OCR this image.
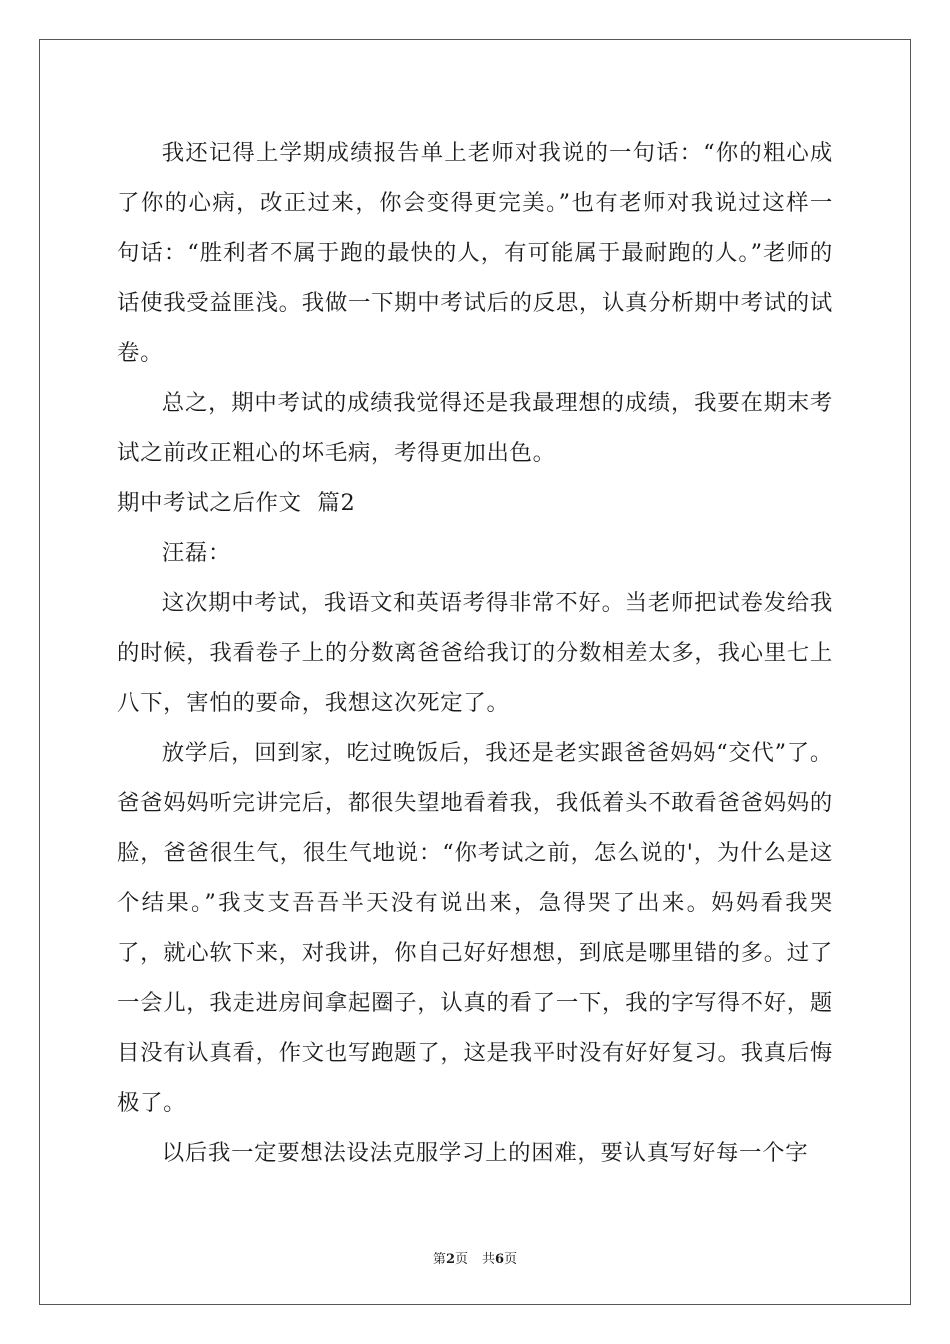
我还记得上学期成绩报告单上老师对我说的一句话：“你的粗心成了你的心病，改正过来，你会变得更完美。”也有老师对我说过这样一句话：“胜利者不属于跑的最快的人，有可能属于最耐跑的人。”老师的话使我受益匪浅。我做一下期中考试后的反思，认真分析期中考试的试卷。

总之，期中考试的成绩我觉得还是我最理想的成绩，我要在期末考试之前改正粗心的坏毛病，考得更加出色。

期中考试之后作文  篇2

汪磊：

这次期中考试，我语文和英语考得非常不好。当老师把试卷发给我的时候，我看卷子上的分数离爸爸给我订的分数相差太多，我心里七上八下，害怕的要命，我想这次死定了。

放学后，回到家，吃过晚饭后，我还是老实跟爸爸妈妈“交代”了。爸爸妈妈听完讲完后，都很失望地看着我，我低着头不敢看爸爸妈妈的脸，爸爸很生气，很生气地说：“你考试之前，怎么说的'，为什么是这个结果。”我支支吾吾半天没有说出来，急得哭了出来。妈妈看我哭了，就心软下来，对我讲，你自己好好想想，到底是哪里错的多。过了一会儿，我走进房间拿起圈子，认真的看了一下，我的字写得不好，题目没有认真看，作文也写跑题了，这是我平时没有好好复习。我真后悔极了。

以后我一定要想法设法克服学习上的困难，要认真写好每一个字

第2页 共6页
